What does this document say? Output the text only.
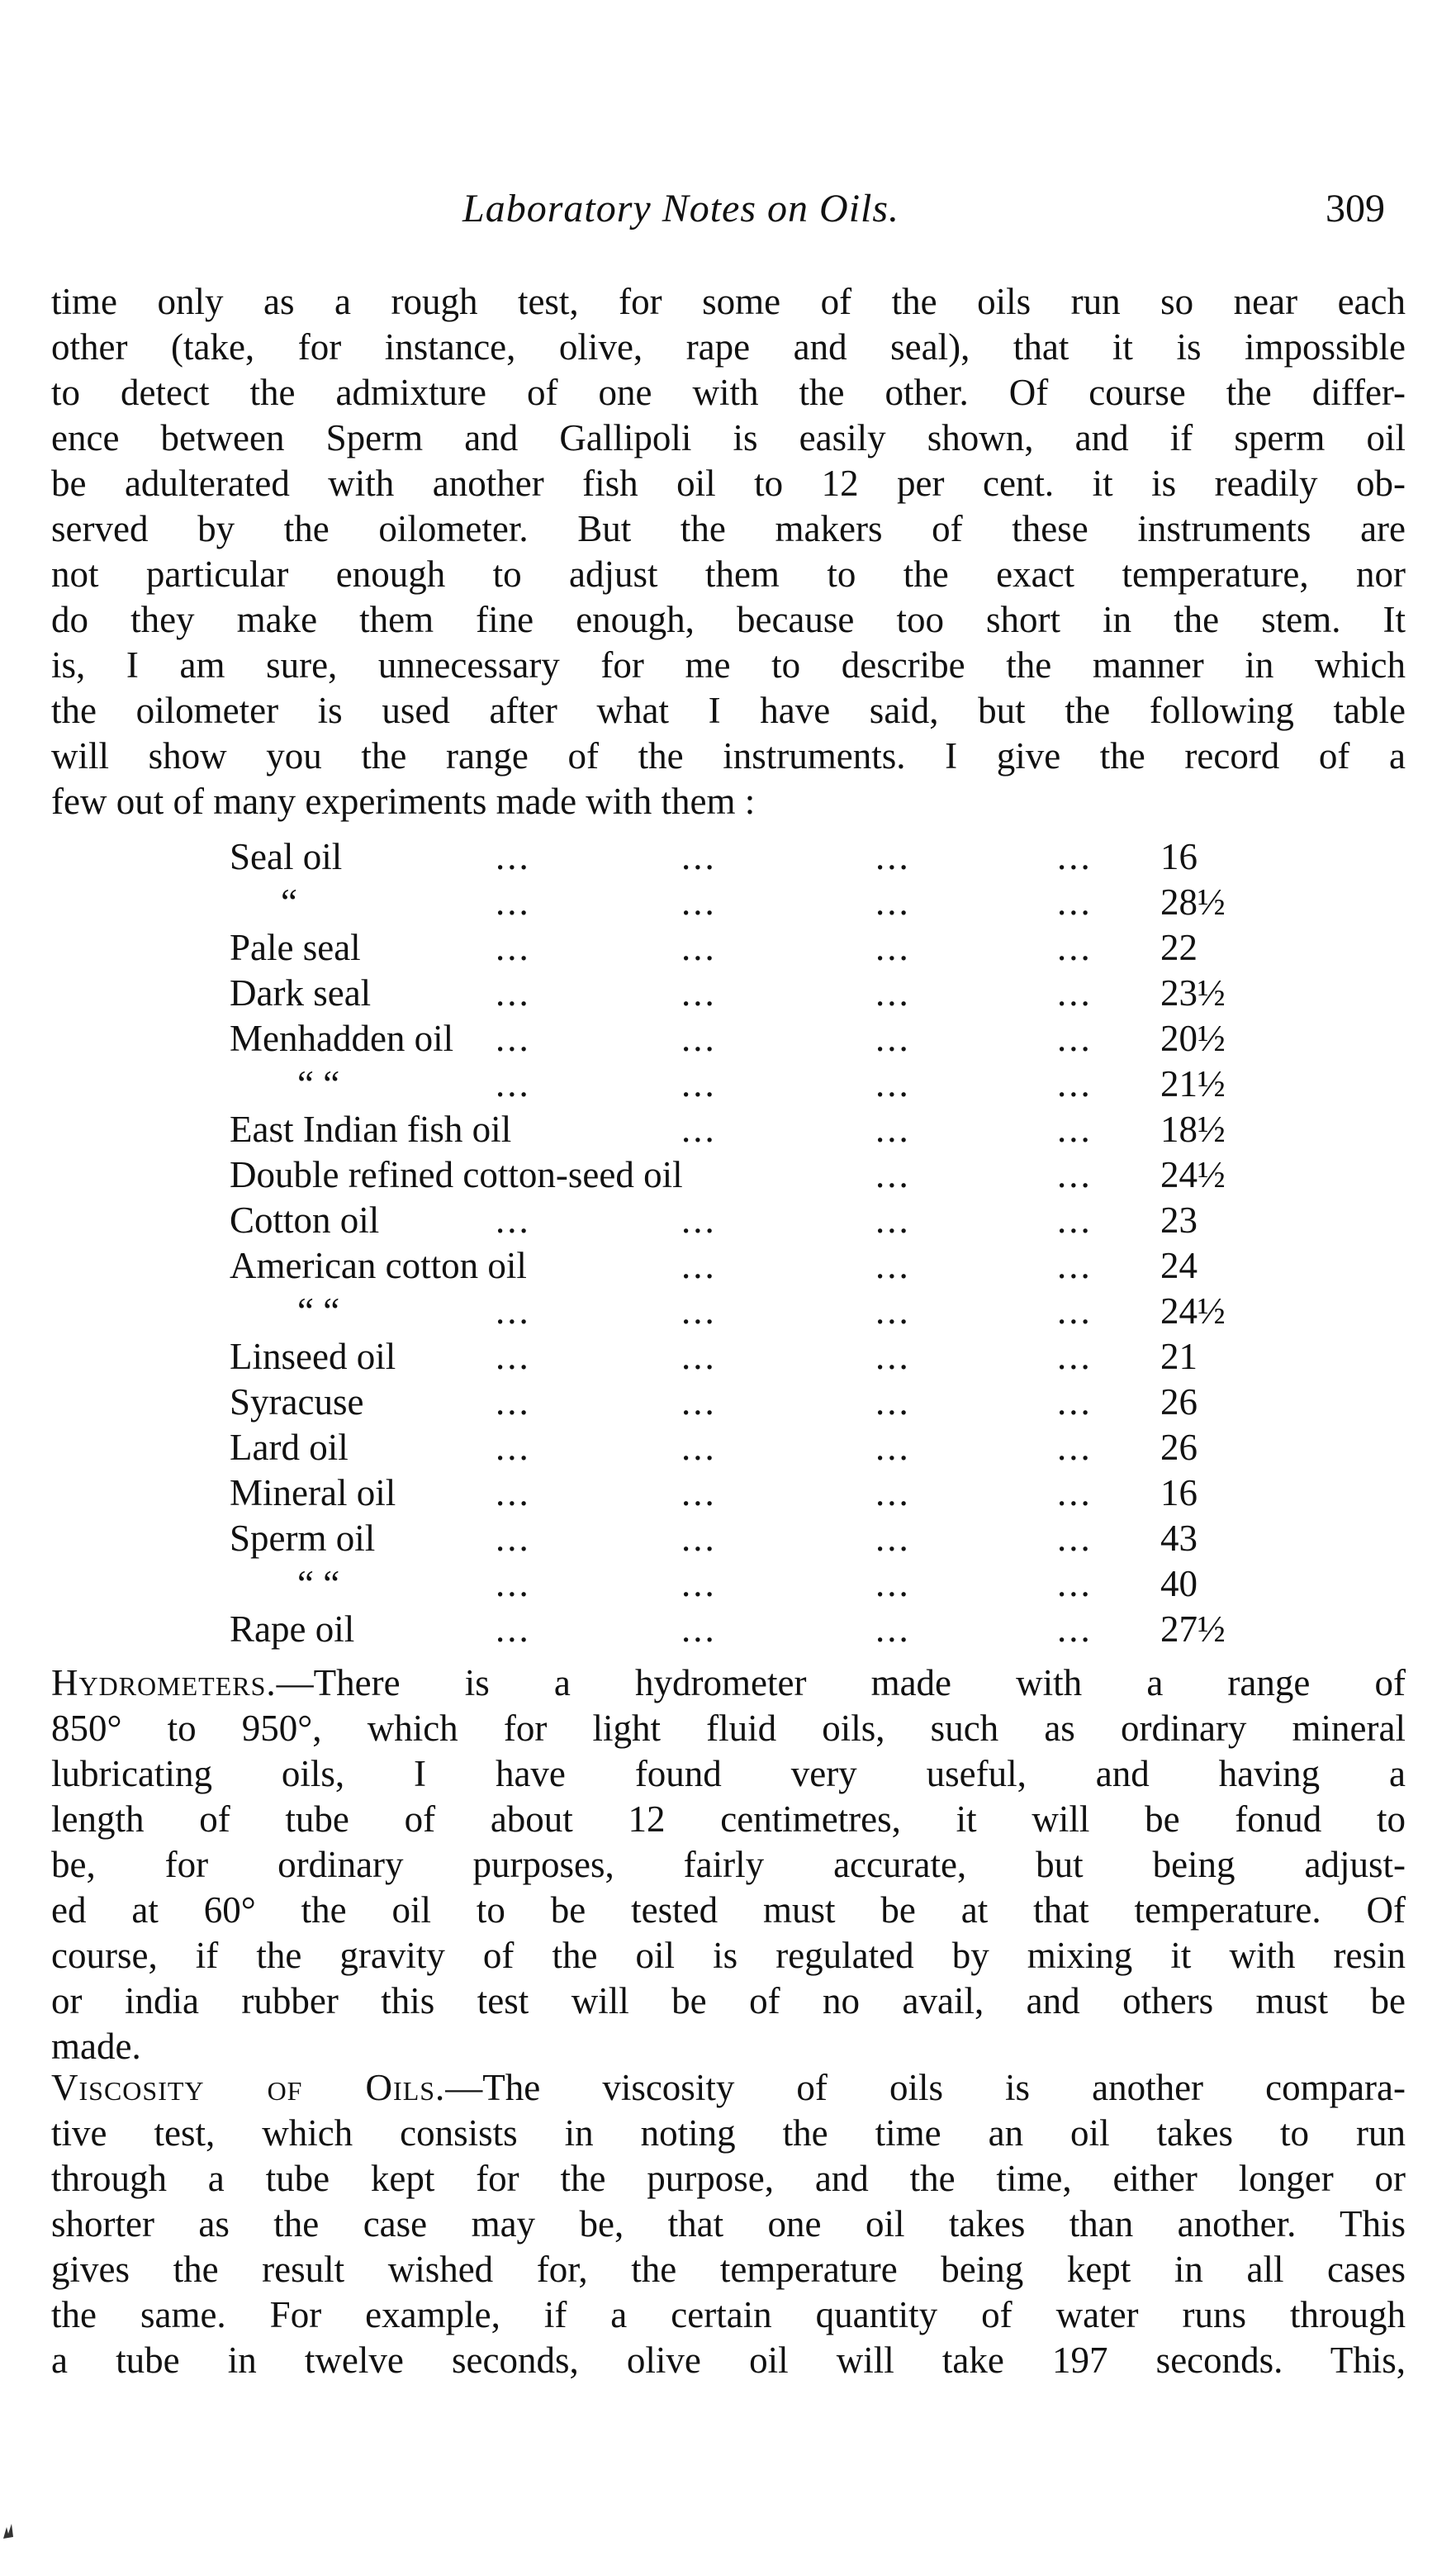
Laboratory Notes on Oils.	309
time only as a rough test, for some of the oils run so near each
other (take, for instance, olive, rape and seal), that it is impossible
to detect the admixture of one with the other. Of course the differ-
ence between Sperm and Gallipoli is easily shown, and if sperm oil
be adulterated with another fish oil to 12 per cent. it is readily ob-
served by the oilometer. But the makers of these instruments are
not particular enough to adjust them to the exact temperature, nor
do they make them fine enough, because too short in the stem. It
is, I am sure, unnecessary for me to describe the manner in which
the oilometer is used after what I have said, but the following table
will show you the range of the instruments. I give the record of a
few out of many experiments made with them :
Seal oil	...	...	...	... 16
“	...	...	...	... 28½
Pale seal	...	...	...	... 22
Dark seal	...	...	...	... 23½
Menhadden oil ...	...	...	... 20½
“ “	...	...	...	... 21½
East Indian fish oil	...	...	... 18½
Double refined cotton-seed oil	...	... 24½
Cotton oil	...	...	...	... 23
American cotton oil	...	...	... 24
“ “	...	...	...	... 24½
Linseed oil	...	...	...	... 21
Syracuse	...	...	...	... 26
Lard oil	...	...	...	... 26
Mineral oil	...	...	...	... 16
Sperm oil	...	...	...	... 43
“ “	...	...	...	... 40
Rape oil	...	...	...	... 27½
Hydrometers.—There is a hydrometer made with a range of
850° to 950°, which for light fluid oils, such as ordinary mineral
lubricating oils, I have found very useful, and having a
length of tube of about 12 centimetres, it will be fonud to
be, for ordinary purposes, fairly accurate, but being adjust-
ed at 60° the oil to be tested must be at that temperature. Of
course, if the gravity of the oil is regulated by mixing it with resin
or india rubber this test will be of no avail, and others must be
made.
Viscosity of Oils.—The viscosity of oils is another compara-
tive test, which consists in noting the time an oil takes to run
through a tube kept for the purpose, and the time, either longer or
shorter as the case may be, that one oil takes than another. This
gives the result wished for, the temperature being kept in all cases
the same. For example, if a certain quantity of water runs through
a tube in twelve seconds, olive oil will take 197 seconds. This,
